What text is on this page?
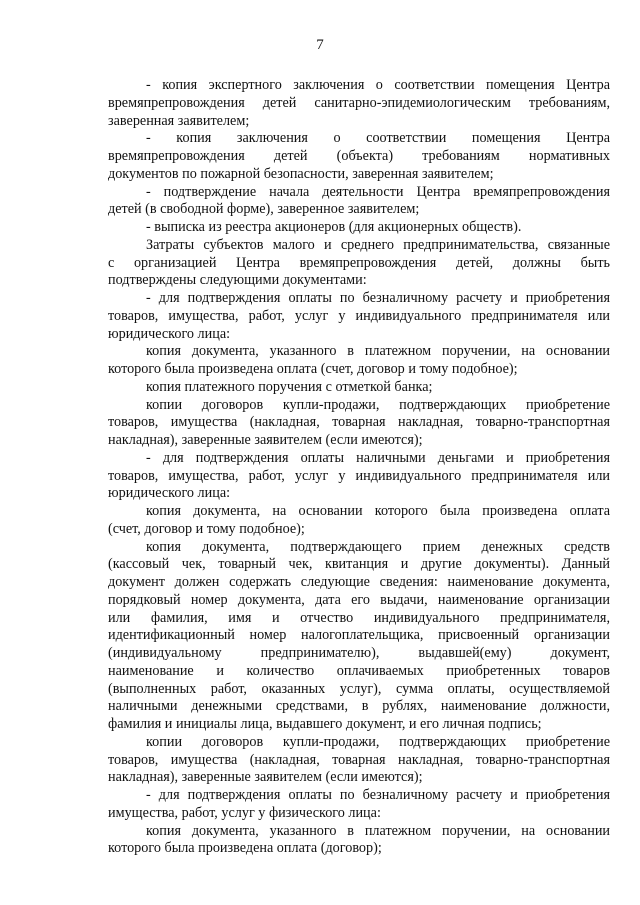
7
- копия экспертного заключения о соответствии помещения Центра
времяпрепровождения детей санитарно-эпидемиологическим требованиям,
заверенная заявителем;
- копия заключения о соответствии помещения Центра
времяпрепровождения детей (объекта) требованиям нормативных
документов по пожарной безопасности, заверенная заявителем;
- подтверждение начала деятельности Центра времяпрепровождения
детей (в свободной форме), заверенное заявителем;
- выписка из реестра акционеров (для акционерных обществ).
Затраты субъектов малого и среднего предпринимательства, связанные
с организацией Центра времяпрепровождения детей, должны быть
подтверждены следующими документами:
- для подтверждения оплаты по безналичному расчету и приобретения
товаров, имущества, работ, услуг у индивидуального предпринимателя или
юридического лица:
копия документа, указанного в платежном поручении, на основании
которого была произведена оплата (счет, договор и тому подобное);
копия платежного поручения с отметкой банка;
копии договоров купли-продажи, подтверждающих приобретение
товаров, имущества (накладная, товарная накладная, товарно-транспортная
накладная), заверенные заявителем (если имеются);
- для подтверждения оплаты наличными деньгами и приобретения
товаров, имущества, работ, услуг у индивидуального предпринимателя или
юридического лица:
копия документа, на основании которого была произведена оплата
(счет, договор и тому подобное);
копия документа, подтверждающего прием денежных средств
(кассовый чек, товарный чек, квитанция и другие документы). Данный
документ должен содержать следующие сведения: наименование документа,
порядковый номер документа, дата его выдачи, наименование организации
или фамилия, имя и отчество индивидуального предпринимателя,
идентификационный номер налогоплательщика, присвоенный организации
(индивидуальному предпринимателю), выдавшей(ему) документ,
наименование и количество оплачиваемых приобретенных товаров
(выполненных работ, оказанных услуг), сумма оплаты, осуществляемой
наличными денежными средствами, в рублях, наименование должности,
фамилия и инициалы лица, выдавшего документ, и его личная подпись;
копии договоров купли-продажи, подтверждающих приобретение
товаров, имущества (накладная, товарная накладная, товарно-транспортная
накладная), заверенные заявителем (если имеются);
- для подтверждения оплаты по безналичному расчету и приобретения
имущества, работ, услуг у физического лица:
копия документа, указанного в платежном поручении, на основании
которого была произведена оплата (договор);
